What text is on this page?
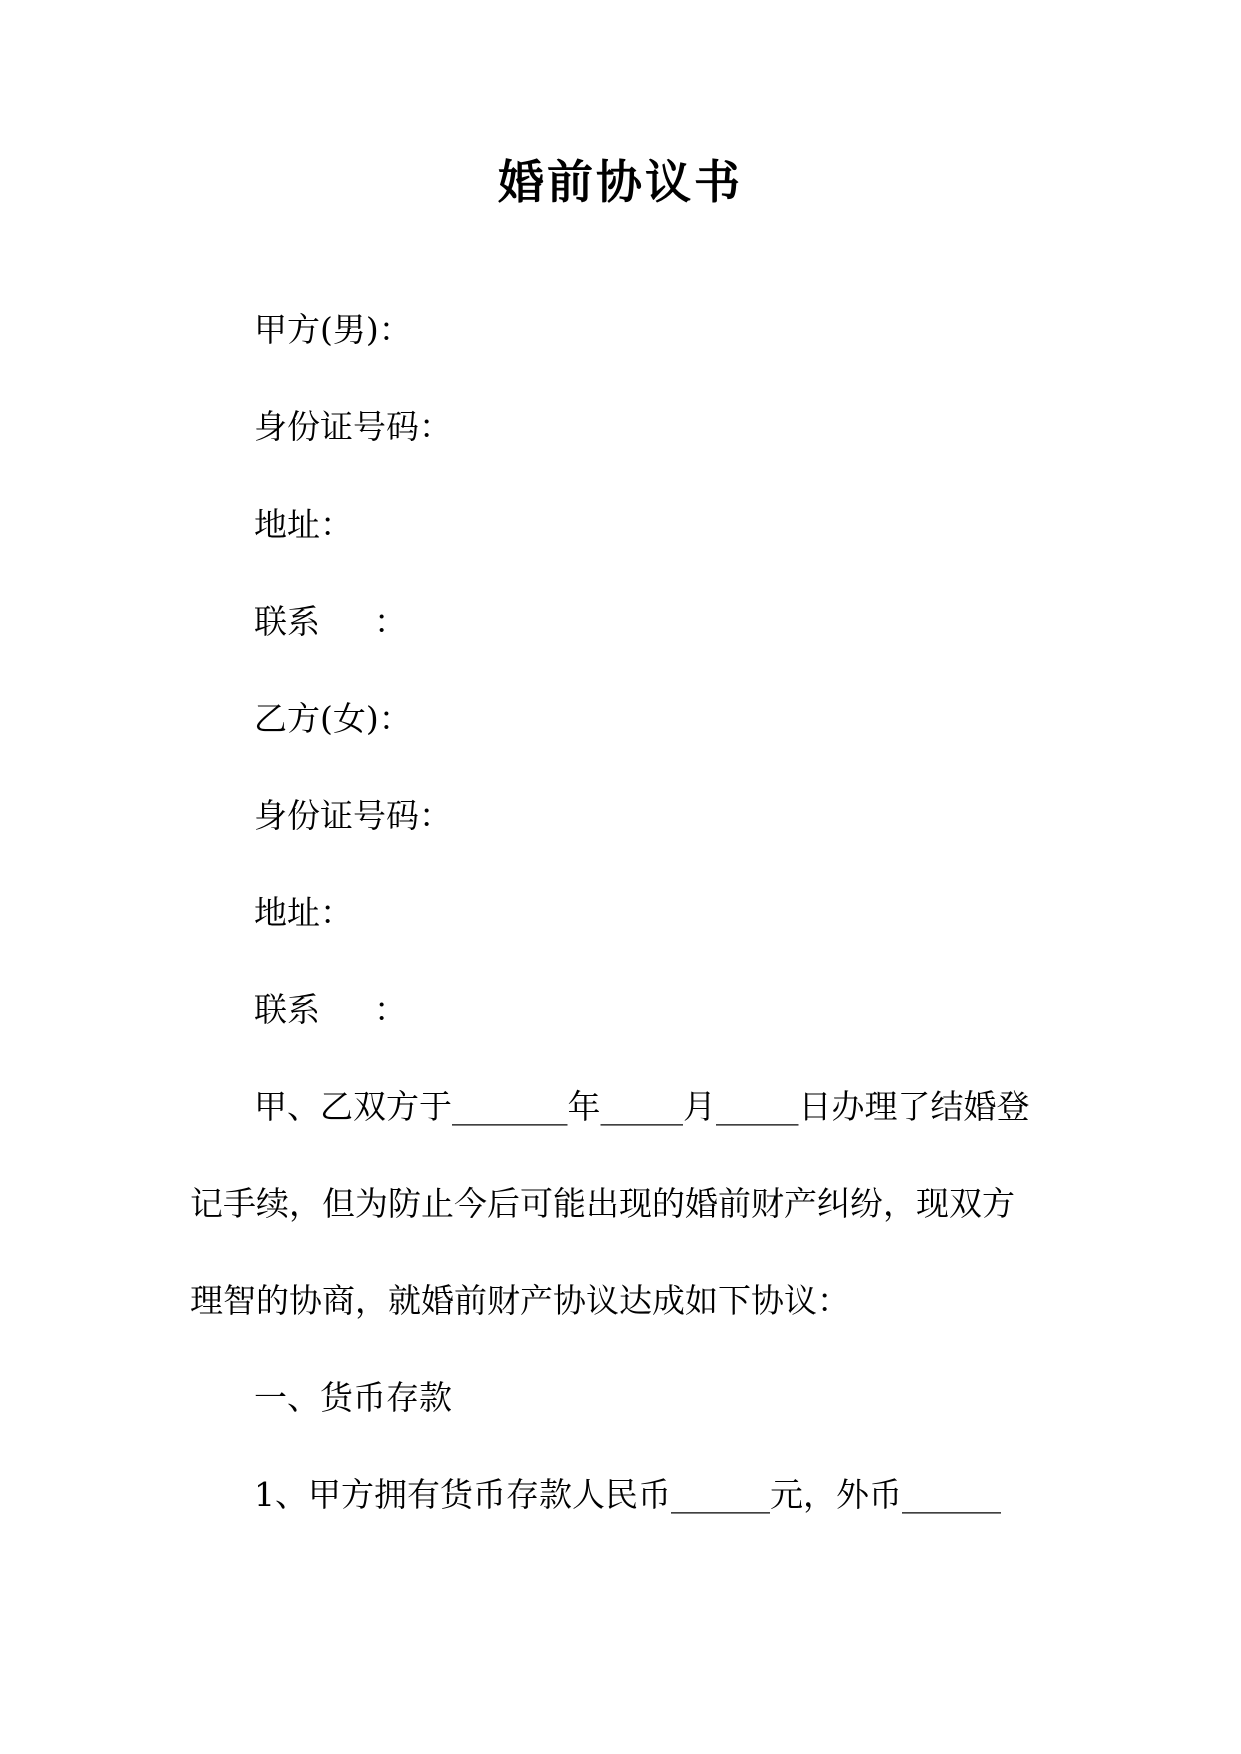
婚前协议书
甲方(男)：
身份证号码：
地址：
联系 ：
乙方(女)：
身份证号码：
地址：
联系 ：
甲、乙双方于_______年_____月_____日办理了结婚登
记手续，但为防止今后可能出现的婚前财产纠纷，现双方
理智的协商，就婚前财产协议达成如下协议：
一、货币存款
1、甲方拥有货币存款人民币______元，外币______
